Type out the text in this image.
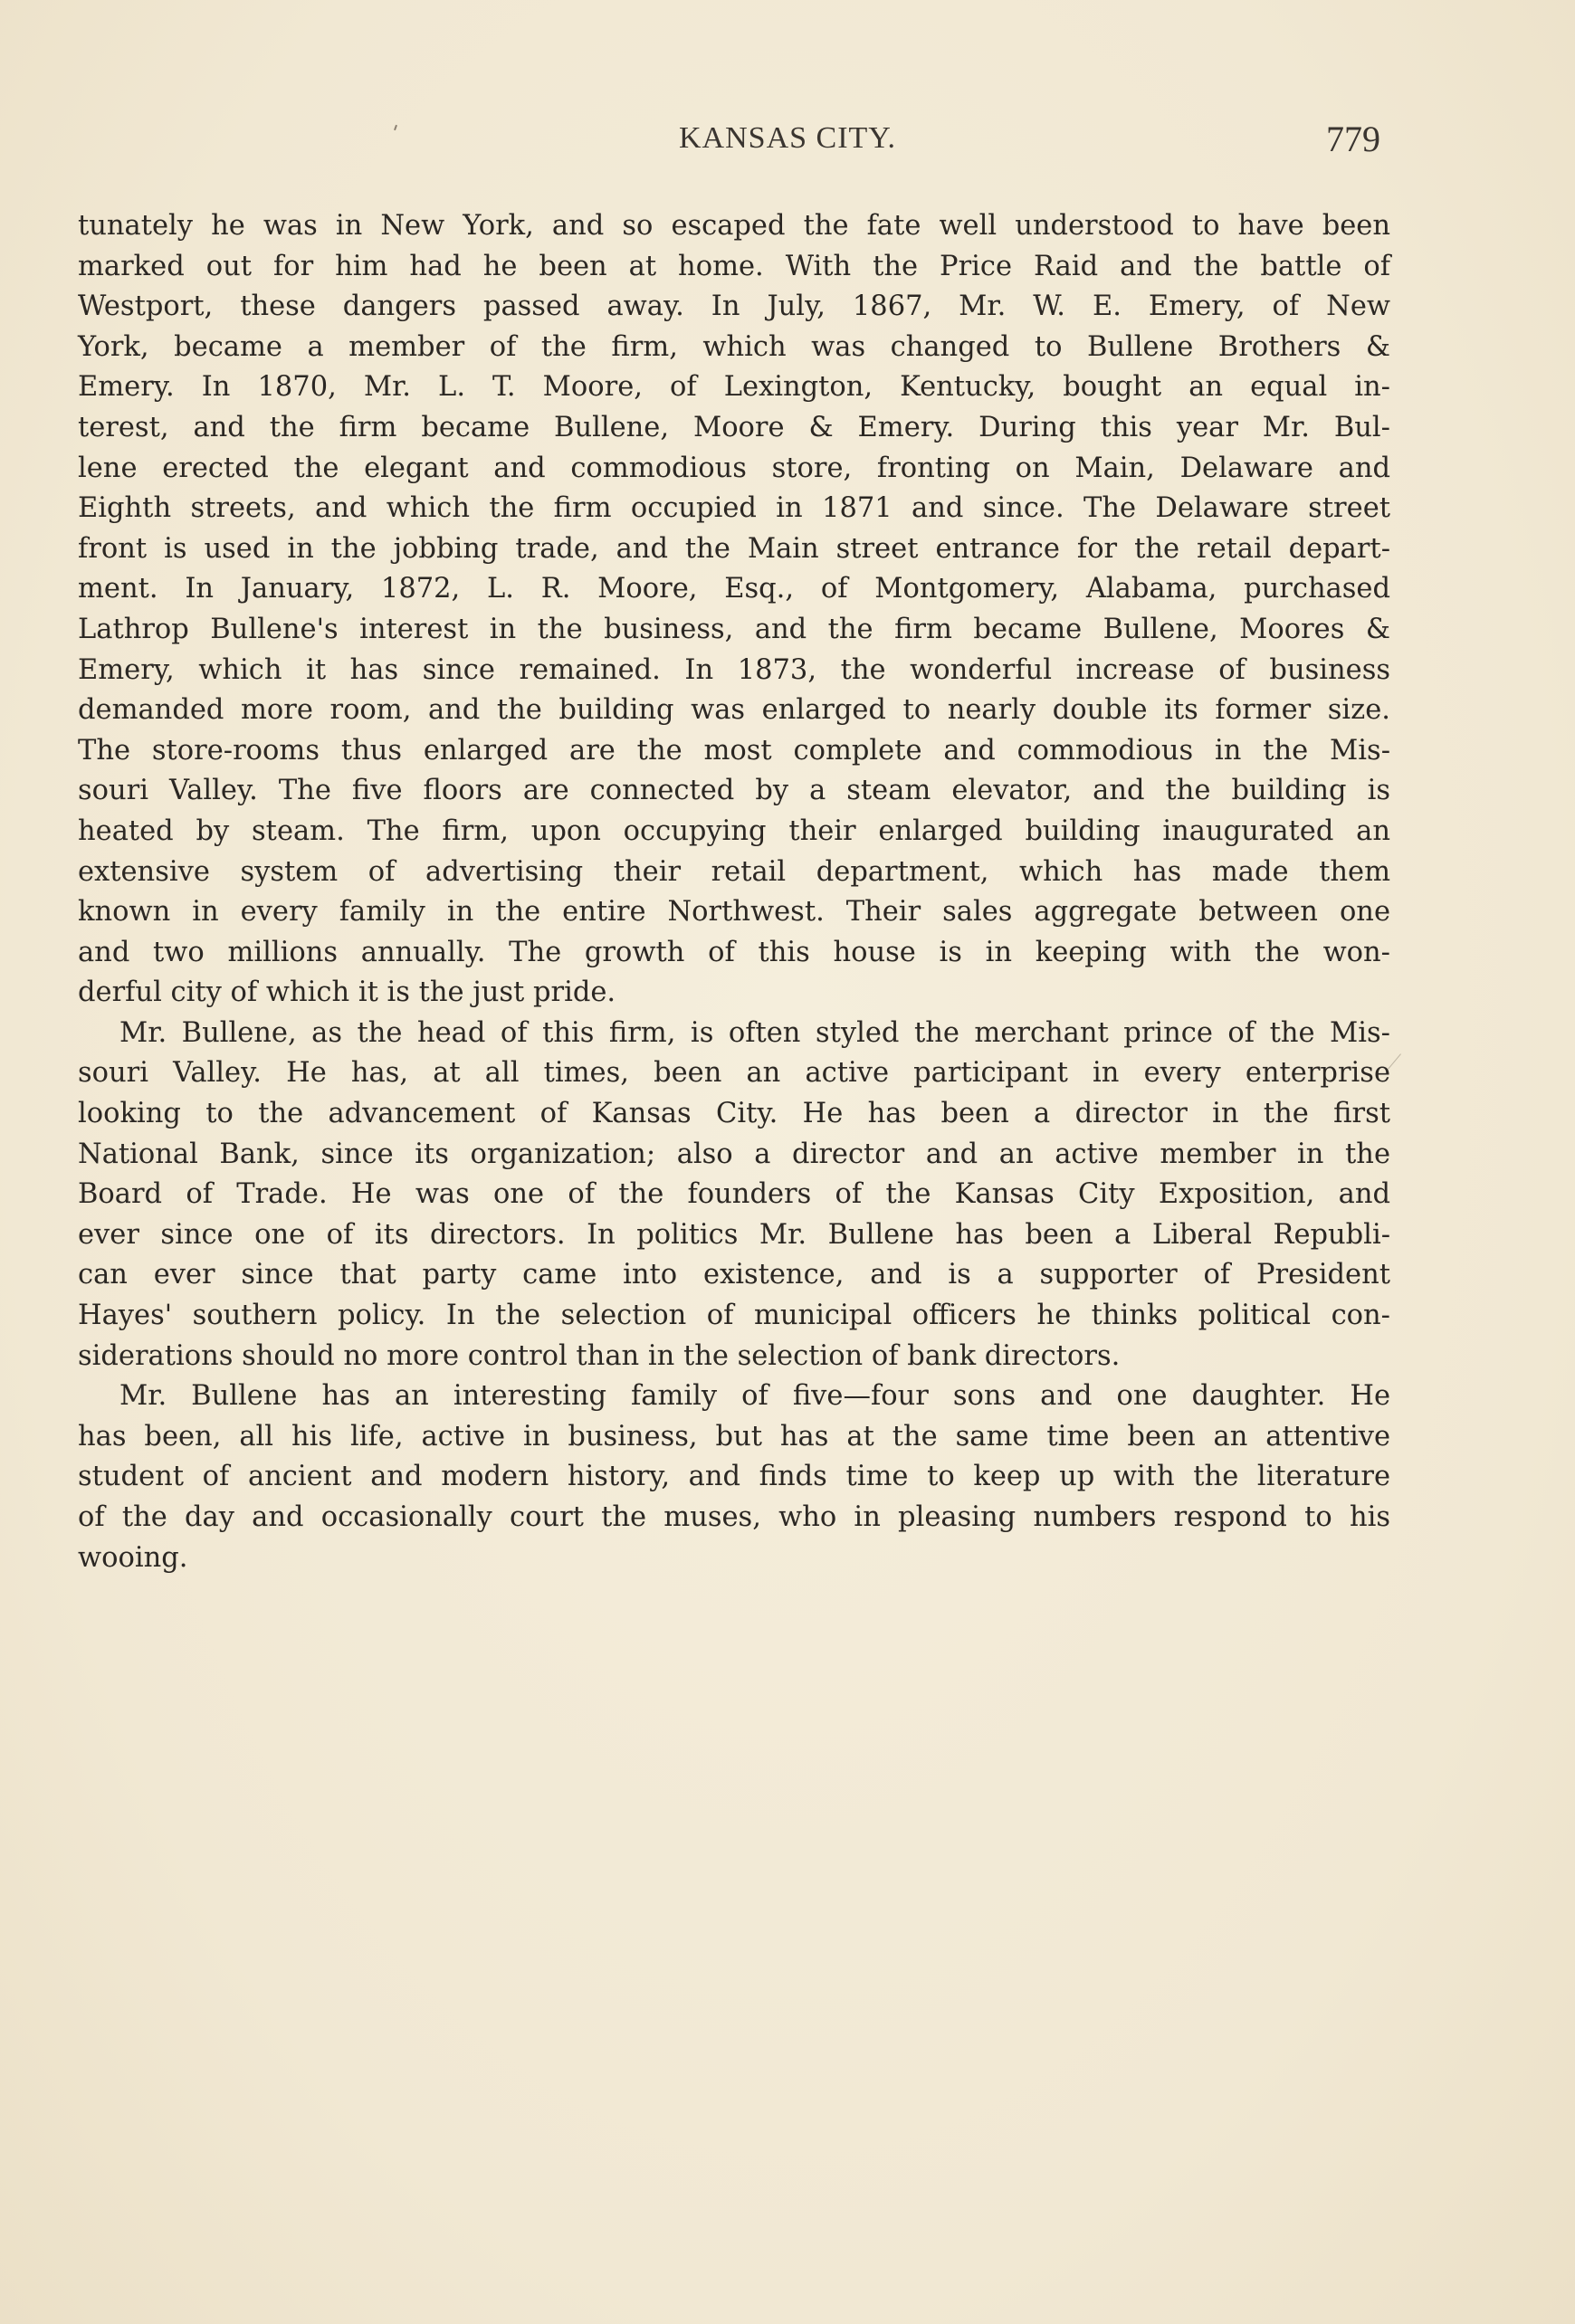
KANSAS CITY.	779
tunately he was in New York, and so escaped the fate well understood to have been
marked out for him had he been at home. With the Price Raid and the battle of
Westport, these dangers passed away. In July, 1867, Mr. W. E. Emery, of New
York, became a member of the firm, which was changed to Bullene Brothers &
Emery. In 1870, Mr. L. T. Moore, of Lexington, Kentucky, bought an equal in-
terest, and the firm became Bullene, Moore & Emery. During this year Mr. Bul-
lene erected the elegant and commodious store, fronting on Main, Delaware and
Eighth streets, and which the firm occupied in 1871 and since. The Delaware street
front is used in the jobbing trade, and the Main street entrance for the retail depart-
ment. In January, 1872, L. R. Moore, Esq., of Montgomery, Alabama, purchased
Lathrop Bullene's interest in the business, and the firm became Bullene, Moores &
Emery, which it has since remained. In 1873, the wonderful increase of business
demanded more room, and the building was enlarged to nearly double its former size.
The store-rooms thus enlarged are the most complete and commodious in the Mis-
souri Valley. The five floors are connected by a steam elevator, and the building is
heated by steam. The firm, upon occupying their enlarged building inaugurated an
extensive system of advertising their retail department, which has made them
known in every family in the entire Northwest. Their sales aggregate between one
and two millions annually. The growth of this house is in keeping with the won-
derful city of which it is the just pride.
Mr. Bullene, as the head of this firm, is often styled the merchant prince of the Mis-
souri Valley. He has, at all times, been an active participant in every enterprise
looking to the advancement of Kansas City. He has been a director in the first
National Bank, since its organization; also a director and an active member in the
Board of Trade. He was one of the founders of the Kansas City Exposition, and
ever since one of its directors. In politics Mr. Bullene has been a Liberal Republi-
can ever since that party came into existence, and is a supporter of President
Hayes' southern policy. In the selection of municipal officers he thinks political con-
siderations should no more control than in the selection of bank directors.
Mr. Bullene has an interesting family of five—four sons and one daughter. He
has been, all his life, active in business, but has at the same time been an attentive
student of ancient and modern history, and finds time to keep up with the literature
of the day and occasionally court the muses, who in pleasing numbers respond to his
wooing.
